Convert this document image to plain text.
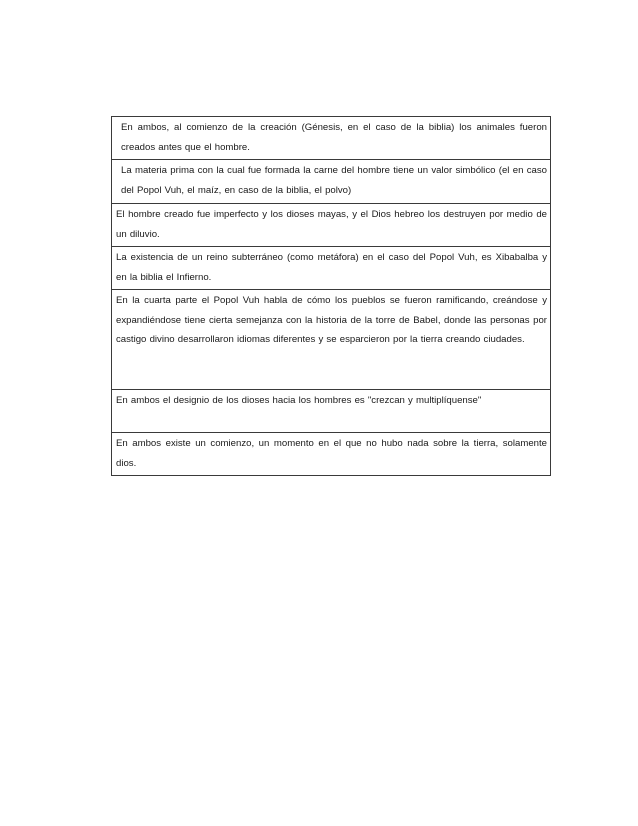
En ambos, al comienzo de la creación (Génesis, en el caso de la biblia) los animales fueron creados antes que el hombre.
La materia prima con la cual fue formada la carne del hombre tiene un valor simbólico (el en caso del Popol Vuh, el maíz, en caso de la biblia, el polvo)
El hombre creado fue imperfecto y los dioses mayas, y el Dios hebreo los destruyen por medio de un diluvio.
La existencia de un reino subterráneo (como metáfora) en el caso del Popol Vuh, es Xibabalba y en la biblia el Infierno.
En la cuarta parte el Popol Vuh habla de cómo los pueblos se fueron ramificando, creándose y expandiéndose tiene cierta semejanza con la historia de la torre de Babel, donde las personas por castigo divino desarrollaron idiomas diferentes y se esparcieron por la tierra creando ciudades.
En ambos el designio de los dioses hacia los hombres es "crezcan y multiplíquense"
En ambos existe un comienzo, un momento en el que no hubo nada sobre la tierra, solamente dios.
